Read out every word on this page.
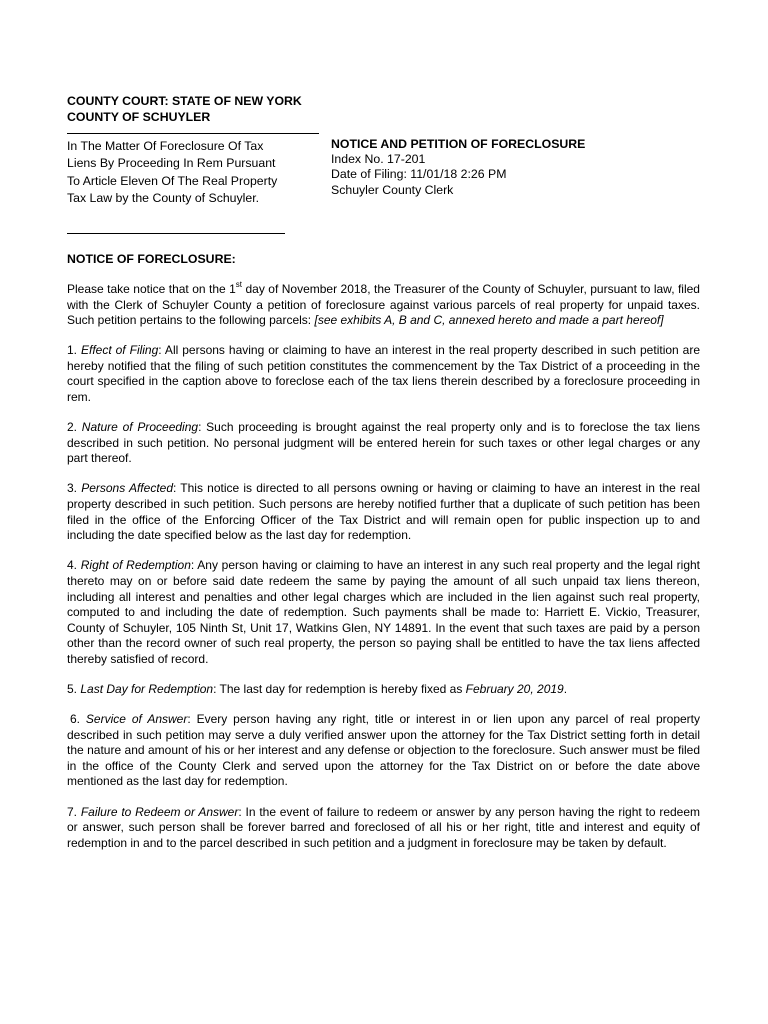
COUNTY COURT: STATE OF NEW YORK
COUNTY OF SCHUYLER
In The Matter Of Foreclosure Of Tax
Liens By Proceeding In Rem Pursuant
To Article Eleven Of The Real Property
Tax Law by the County of Schuyler.
NOTICE AND PETITION OF FORECLOSURE
Index No. 17-201
Date of Filing: 11/01/18 2:26 PM
Schuyler County Clerk
NOTICE OF FORECLOSURE:

Please take notice that on the 1st day of November 2018, the Treasurer of the County of Schuyler, pursuant to law, filed with the Clerk of Schuyler County a petition of foreclosure against various parcels of real property for unpaid taxes. Such petition pertains to the following parcels: [see exhibits A, B and C, annexed hereto and made a part hereof]

1. Effect of Filing: All persons having or claiming to have an interest in the real property described in such petition are hereby notified that the filing of such petition constitutes the commencement by the Tax District of a proceeding in the court specified in the caption above to foreclose each of the tax liens therein described by a foreclosure proceeding in rem.

2. Nature of Proceeding: Such proceeding is brought against the real property only and is to foreclose the tax liens described in such petition. No personal judgment will be entered herein for such taxes or other legal charges or any part thereof.

3. Persons Affected: This notice is directed to all persons owning or having or claiming to have an interest in the real property described in such petition. Such persons are hereby notified further that a duplicate of such petition has been filed in the office of the Enforcing Officer of the Tax District and will remain open for public inspection up to and including the date specified below as the last day for redemption.

4. Right of Redemption: Any person having or claiming to have an interest in any such real property and the legal right thereto may on or before said date redeem the same by paying the amount of all such unpaid tax liens thereon, including all interest and penalties and other legal charges which are included in the lien against such real property, computed to and including the date of redemption. Such payments shall be made to: Harriett E. Vickio, Treasurer, County of Schuyler, 105 Ninth St, Unit 17, Watkins Glen, NY 14891. In the event that such taxes are paid by a person other than the record owner of such real property, the person so paying shall be entitled to have the tax liens affected thereby satisfied of record.

5. Last Day for Redemption: The last day for redemption is hereby fixed as February 20, 2019.

6. Service of Answer: Every person having any right, title or interest in or lien upon any parcel of real property described in such petition may serve a duly verified answer upon the attorney for the Tax District setting forth in detail the nature and amount of his or her interest and any defense or objection to the foreclosure. Such answer must be filed in the office of the County Clerk and served upon the attorney for the Tax District on or before the date above mentioned as the last day for redemption.

7. Failure to Redeem or Answer: In the event of failure to redeem or answer by any person having the right to redeem or answer, such person shall be forever barred and foreclosed of all his or her right, title and interest and equity of redemption in and to the parcel described in such petition and a judgment in foreclosure may be taken by default.
